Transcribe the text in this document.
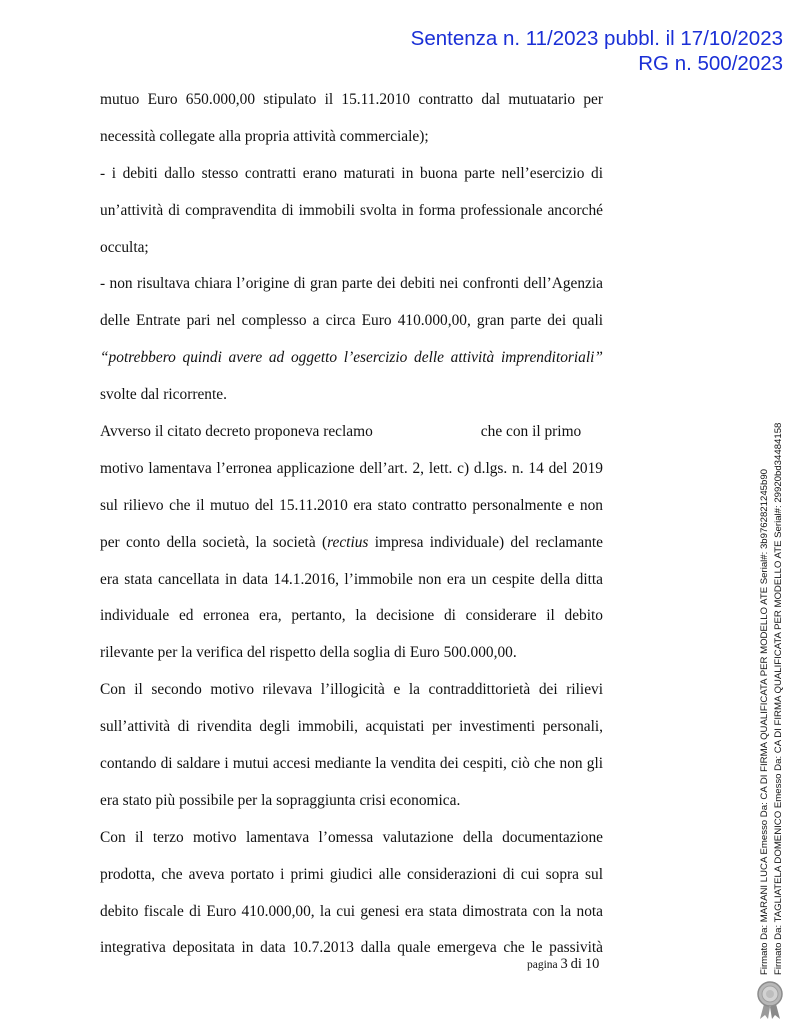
Sentenza n. 11/2023 pubbl. il 17/10/2023
RG n. 500/2023
mutuo Euro 650.000,00 stipulato il 15.11.2010 contratto dal mutuatario per
necessità collegate alla propria attività commerciale);
- i debiti dallo stesso contratti erano maturati in buona parte nell’esercizio di
un’attività di compravendita di immobili svolta in forma professionale ancorché
occulta;
- non risultava chiara l’origine di gran parte dei debiti nei confronti dell’Agenzia
delle Entrate pari nel complesso a circa Euro 410.000,00, gran parte dei quali
“potrebbero quindi avere ad oggetto l’esercizio delle attività imprenditoriali”
svolte dal ricorrente.
Avverso il citato decreto proponeva reclamo	che con il primo
motivo lamentava l’erronea applicazione dell’art. 2, lett. c) d.lgs. n. 14 del 2019
sul rilievo che il mutuo del 15.11.2010 era stato contratto personalmente e non
per conto della società, la società (rectius impresa individuale) del reclamante
era stata cancellata in data 14.1.2016, l’immobile non era un cespite della ditta
individuale ed erronea era, pertanto, la decisione di considerare il debito
rilevante per la verifica del rispetto della soglia di Euro 500.000,00.
Con il secondo motivo rilevava l’illogicità e la contraddittorietà dei rilievi
sull’attività di rivendita degli immobili, acquistati per investimenti personali,
contando di saldare i mutui accesi mediante la vendita dei cespiti, ciò che non gli
era stato più possibile per la sopraggiunta crisi economica.
Con il terzo motivo lamentava l’omessa valutazione della documentazione
prodotta, che aveva portato i primi giudici alle considerazioni di cui sopra sul
debito fiscale di Euro 410.000,00, la cui genesi era stata dimostrata con la nota
integrativa depositata in data 10.7.2013 dalla quale emergeva che le passività
pagina 3 di 10	Firmato Da: MARANI LUCA Emesso Da: CA DI FIRMA QUALIFICATA PER MODELLO ATE Serial#: 3b9762821245b90 Firmato Da: TAGLIATELA DOMENICO Emesso Da: CA DI FIRMA QUALIFICATA PER MODELLO ATE Serial#: 29920bd34484158
